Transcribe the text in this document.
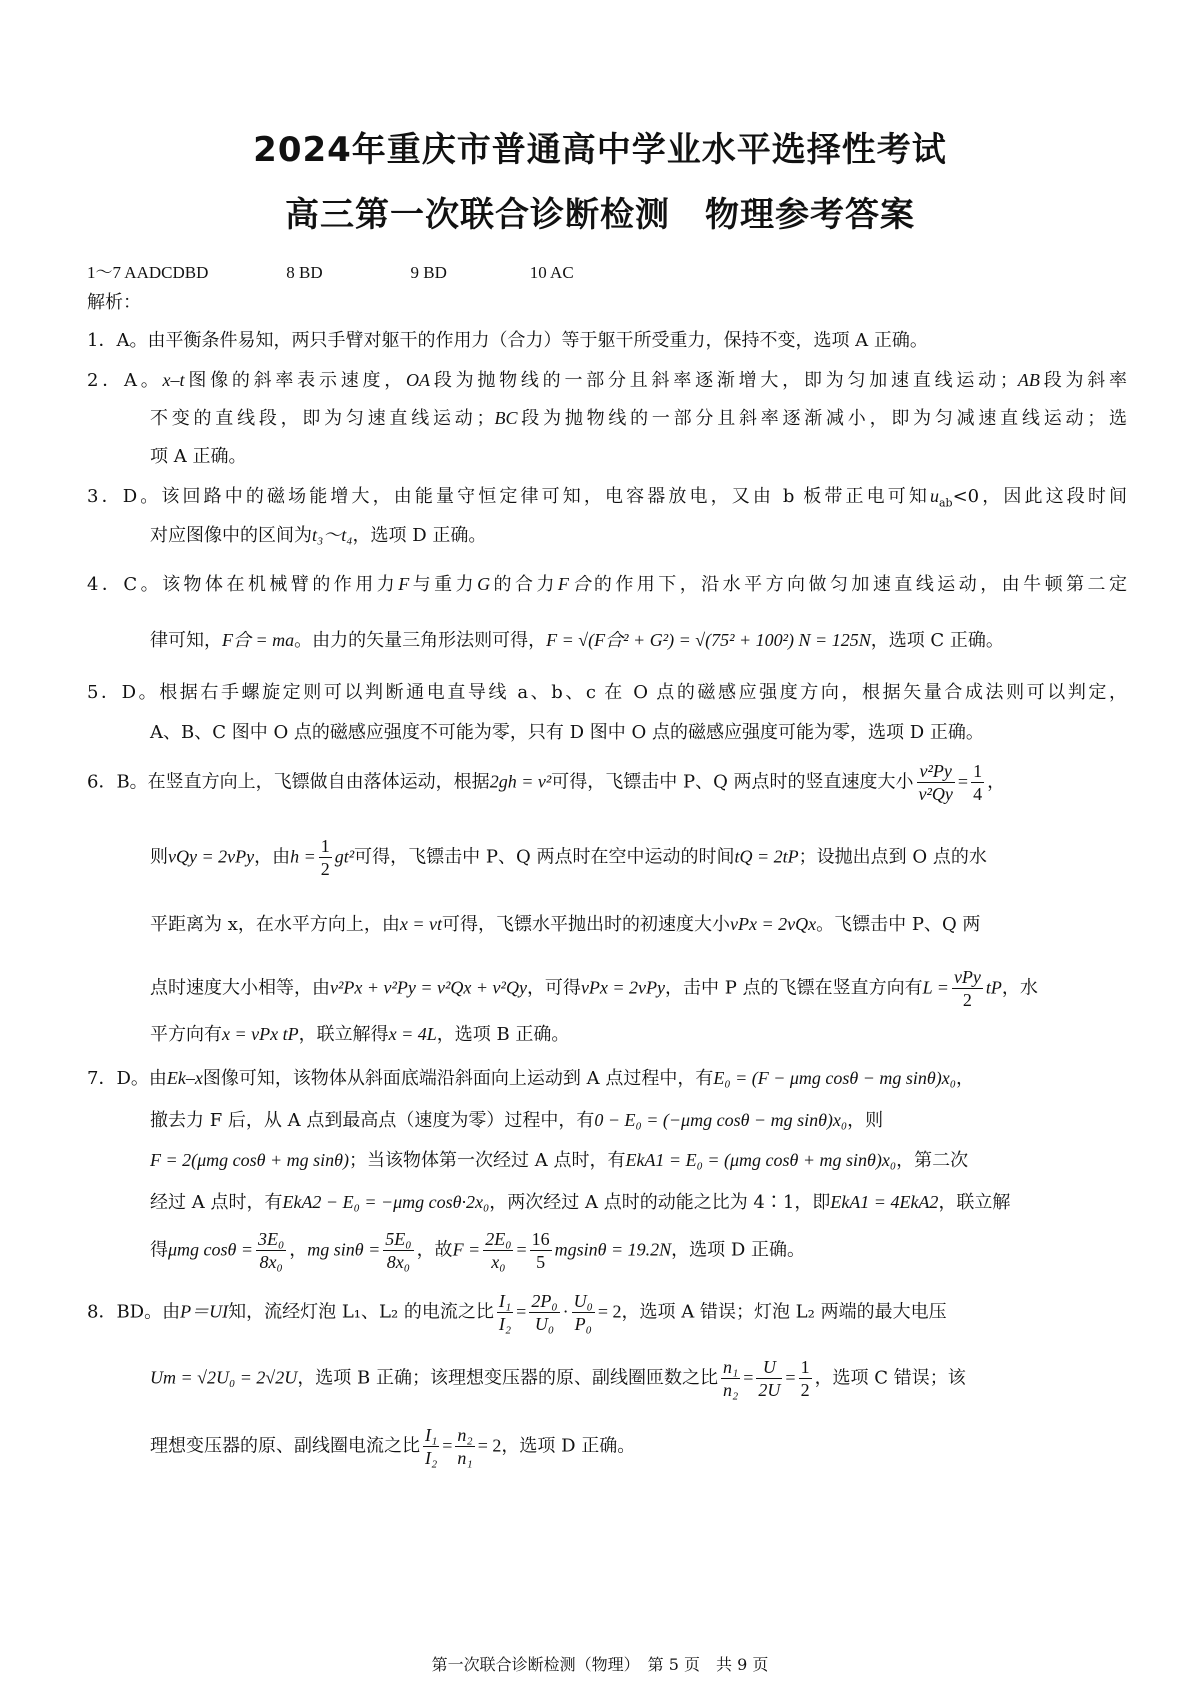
2024年重庆市普通高中学业水平选择性考试
高三第一次联合诊断检测　物理参考答案
1～7 AADCDBD	8 BD	9 BD	10 AC
解析：
1．A。由平衡条件易知，两只手臂对躯干的作用力（合力）等于躯干所受重力，保持不变，选项 A 正确。
2．A。x–t图像的斜率表示速度，OA段为抛物线的一部分且斜率逐渐增大，即为匀加速直线运动；AB段为斜率
不变的直线段，即为匀速直线运动；BC段为抛物线的一部分且斜率逐渐减小，即为匀减速直线运动；选
项 A 正确。
3．D。该回路中的磁场能增大，由能量守恒定律可知，电容器放电，又由 b 板带正电可知$u_{ab}<0$，因此这段时间
对应图像中的区间为t₃～t₄，选项 D 正确。
4．C。该物体在机械臂的作用力F与重力G的合力F合的作用下，沿水平方向做匀加速直线运动，由牛顿第二定
律可知，F合 = ma。由力的矢量三角形法则可得，F = √(F合² + G²) = √(75² + 100²) N = 125N，选项 C 正确。
5．D。根据右手螺旋定则可以判断通电直导线 a、b、c 在 O 点的磁感应强度方向，根据矢量合成法则可以判定，
A、B、C 图中 O 点的磁感应强度不可能为零，只有 D 图中 O 点的磁感应强度可能为零，选项 D 正确。
6．B。在竖直方向上，飞镖做自由落体运动，根据2gh = v²可得，飞镖击中 P、Q 两点时的竖直速度大小 $\frac{\text{v²Py}}{\text{v²Qy}} = \frac{1}{4}$ ，
则vQy = 2vPy，由$h = \frac{1}{2} gt^2$可得，飞镖击中 P、Q 两点时在空中运动的时间tQ = 2tP；设抛出点到 O 点的水
平距离为 x，在水平方向上，由x = vt可得，飞镖水平抛出时的初速度大小vPx = 2vQx。飞镖击中 P、Q 两
点时速度大小相等，由v²Px + v²Py = v²Qx + v²Qy，可得vPx = 2vPy，击中 P 点的飞镖在竖直方向有$L = \frac{\text{vPy}}{2}$ tP，水
平方向有x = vPx tP，联立解得x = 4L，选项 B 正确。
7．D。由Ek–x图像可知，该物体从斜面底端沿斜面向上运动到 A 点过程中，有E₀ = (F − μmg cosθ − mg sinθ)x₀，
撤去力 F 后，从 A 点到最高点（速度为零）过程中，有0 − E₀ = (−μmg cosθ − mg sinθ)x₀，则
F = 2(μmg cosθ + mg sinθ)；当该物体第一次经过 A 点时，有EkA1 = E₀ = (μmg cosθ + mg sinθ)x₀，第二次
经过 A 点时，有EkA2 − E₀ = −μmg cosθ·2x₀，两次经过 A 点时的动能之比为 4∶1，即EkA1 = 4EkA2，联立解
得μmg $\cos\theta = \frac{\text{3E₀}}{\text{8x₀}}$ ，mg $\sin\theta = \frac{\text{5E₀}}{\text{8x₀}}$ ，故$F = \frac{\text{2E₀}}{\text{x₀}} = \frac{16}{5}$ mgsinθ = 19.2N，选项 D 正确。
8．BD。由P＝UI知，流经灯泡 L₁、L₂ 的电流之比 $\frac{\text{I₁}}{\text{I₂}} = \frac{\text{2P₀}}{\text{U₀}} \cdot \frac{\text{U₀}}{\text{P₀}} = 2$，选项 A 错误；灯泡 L₂ 两端的最大电压
Um = √2U₀ = 2√2U，选项 B 正确；该理想变压器的原、副线圈匝数之比 $\frac{\text{n₁}}{\text{n₂}} = \frac{U}{2U} = \frac{1}{2}$ ，选项 C 错误；该
理想变压器的原、副线圈电流之比 $\frac{\text{I₁}}{\text{I₂}} = \frac{\text{n₂}}{\text{n₁}} = 2$，选项 D 正确。
第一次联合诊断检测（物理）　第 5 页　共 9 页
